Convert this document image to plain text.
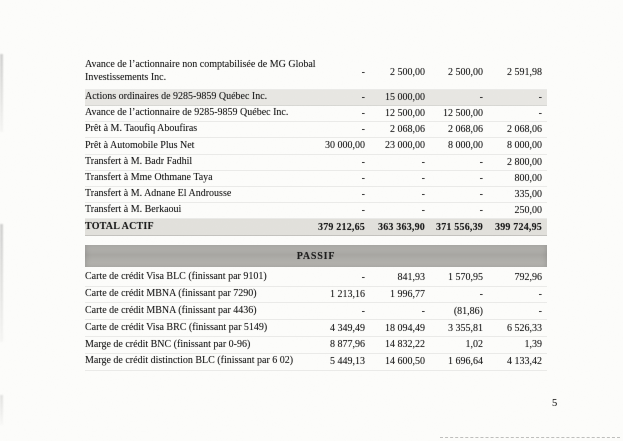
Avance de l’actionnaire non comptabilisée de MG Global Investissements Inc.	-	2 500,00	2 500,00	2 591,98
Actions ordinaires de 9285-9859 Québec Inc.	-	15 000,00	-	-
Avance de l’actionnaire de 9285-9859 Québec Inc.	-	12 500,00	12 500,00	-
Prêt à M. Taoufiq Aboufiras	-	2 068,06	2 068,06	2 068,06
Prêt à Automobile Plus Net	30 000,00	23 000,00	8 000,00	8 000,00
Transfert à M. Badr Fadhil	-	-	-	2 800,00
Transfert à Mme Othmane Taya	-	-	-	800,00
Transfert à M. Adnane El Androusse	-	-	-	335,00
Transfert à M. Berkaoui	-	-	-	250,00
TOTAL ACTIF	379 212,65	363 363,90	371 556,39	399 724,95
PASSIF
Carte de crédit Visa BLC (finissant par 9101)	-	841,93	1 570,95	792,96
Carte de crédit MBNA (finissant par 7290)	1 213,16	1 996,77	-	-
Carte de crédit MBNA (finissant par 4436)	-	-	(81,86)	-
Carte de crédit Visa BRC (finissant par 5149)	4 349,49	18 094,49	3 355,81	6 526,33
Marge de crédit BNC (finissant par 0-96)	8 877,96	14 832,22	1,02	1,39
Marge de crédit distinction BLC (finissant par 6 02)	5 449,13	14 600,50	1 696,64	4 133,42
5
